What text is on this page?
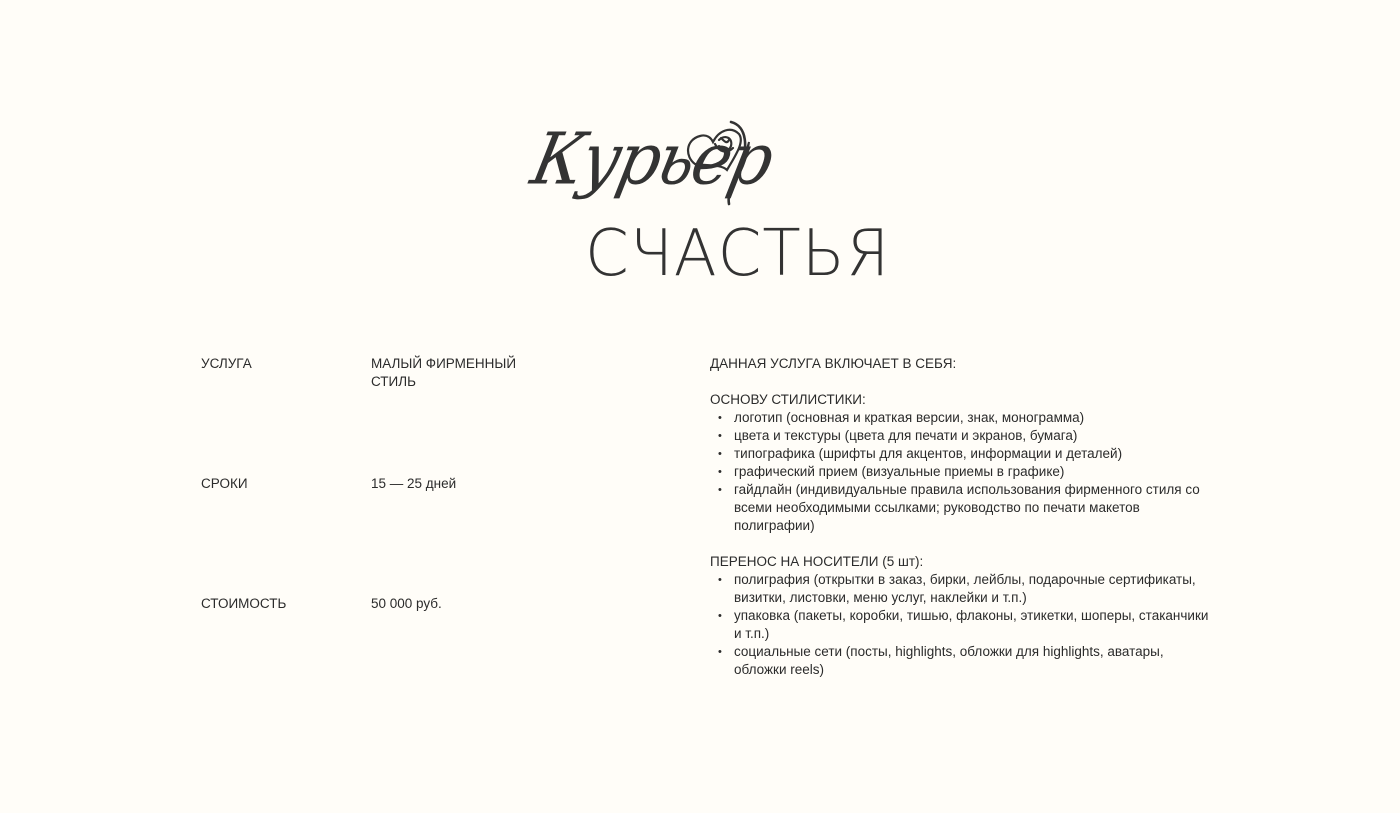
Курьер
СЧАСТЬЯ
УСЛУГА	МАЛЫЙ ФИРМЕННЫЙ СТИЛЬ
СРОКИ	15 — 25 дней
СТОИМОСТЬ	50 000 руб.

ДАННАЯ УСЛУГА ВКЛЮЧАЕТ В СЕБЯ:

ОСНОВУ СТИЛИСТИКИ:

• логотип (основная и краткая версии, знак, монограмма)
• цвета и текстуры (цвета для печати и экранов, бумага)
• типографика (шрифты для акцентов, информации и деталей)
• графический прием (визуальные приемы в графике)
• гайдлайн (индивидуальные правила использования фирменного стиля со всеми необходимыми ссылками; руководство по печати макетов полиграфии)

ПЕРЕНОС НА НОСИТЕЛИ (5 шт):

• полиграфия (открытки в заказ, бирки, лейблы, подарочные сертификаты, визитки, листовки, меню услуг, наклейки и т.п.)
• упаковка (пакеты, коробки, тишью, флаконы, этикетки, шоперы, стаканчики и т.п.)
• социальные сети (посты, highlights, обложки для highlights, аватары, обложки reels)
